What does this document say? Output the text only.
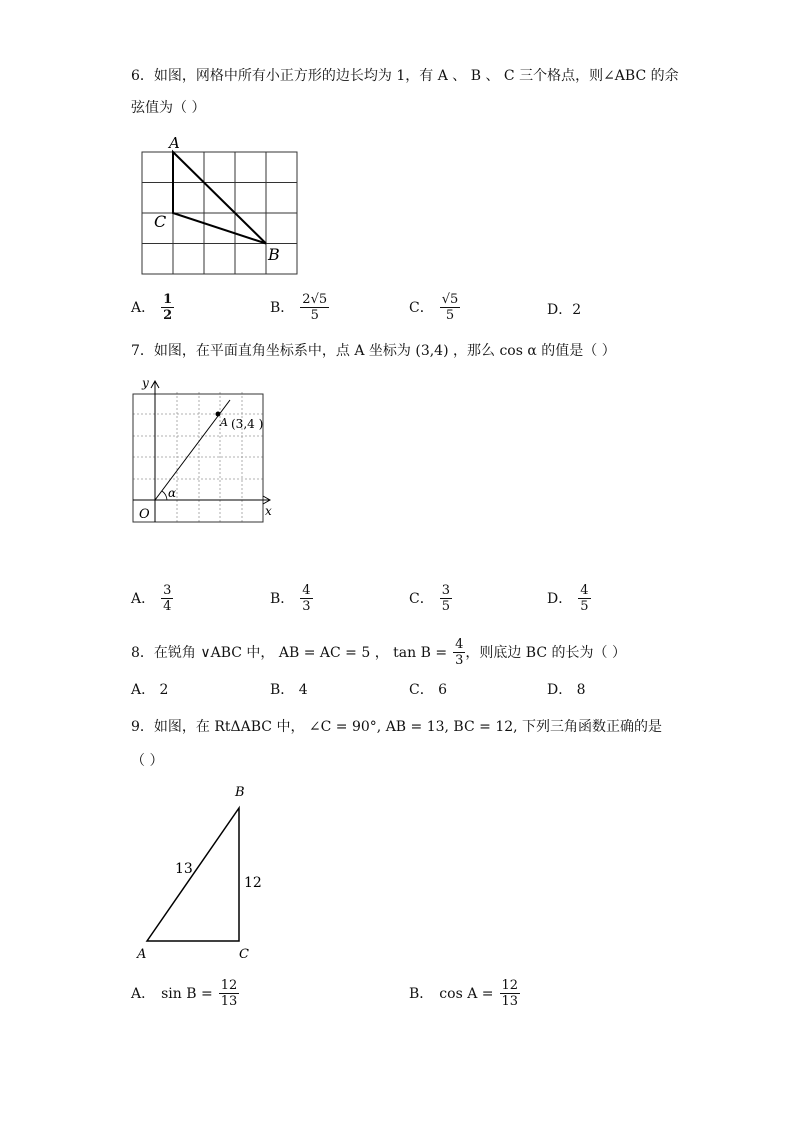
6．如图，网格中所有小正方形的边长均为 1，有 A 、 B 、 C 三个格点，则∠ABC 的余
弦值为（ ）
A
C
B
A． $\frac{1}{2}$	B． $\frac{2√5}{5}$	C． $\frac{√5}{5}$	D． 2
7．如图，在平面直角坐标系中，点 A 坐标为 (3,4) ，那么 cos α 的值是（ ）
y
x
O
α
A (3,4 )
A． $\frac{3}{4}$	B． $\frac{4}{3}$	C． $\frac{3}{5}$	D． $\frac{4}{5}$
8．在锐角 ∨ABC 中， AB = AC = 5 ， $\tan B = \frac{4}{3}$ ，则底边 BC 的长为（ ）
A． 2	B． 4	C． 6	D． 8
9．如图，在 RtΔABC 中， ∠C = 90°, AB = 13, BC = 12, 下列三角函数正确的是
（ ）
B
A	C
13
12
A． $\sin B = \frac{12}{13}$	B． $\cos A = \frac{12}{13}$
